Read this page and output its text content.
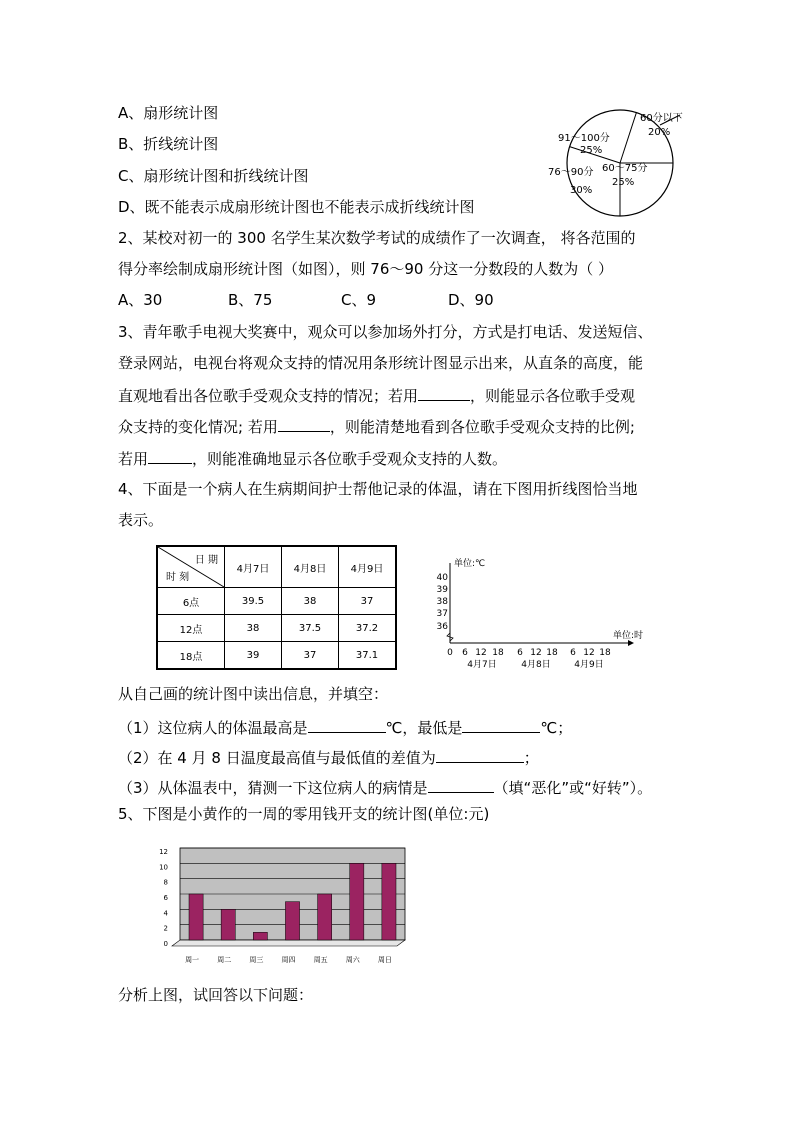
A、扇形统计图
B、折线统计图
C、扇形统计图和折线统计图
D、既不能表示成扇形统计图也不能表示成折线统计图
60分以下
20%
60～75分
25%
76～90分
30%
91～100分
25%
2、某校对初一的 300 名学生某次数学考试的成绩作了一次调查， 将各范围的
得分率绘制成扇形统计图（如图），则 76～90 分这一分数段的人数为（ ）
A、30	B、75	C、9	D、90
3、青年歌手电视大奖赛中，观众可以参加场外打分，方式是打电话、发送短信、
登录网站，电视台将观众支持的情况用条形统计图显示出来，从直条的高度，能
直观地看出各位歌手受观众支持的情况；若用	，则能显示各位歌手受观
众支持的变化情况; 若用	，则能清楚地看到各位歌手受观众支持的比例;
若用	，则能准确地显示各位歌手受观众支持的人数。
4、下面是一个病人在生病期间护士帮他记录的体温，请在下图用折线图恰当地
表示。
日 期
时 刻	4月7日	4月8日	4月9日
6点	39.5	38	37
12点	38	37.5	37.2
18点	39	37	37.1
单位:℃
单位:时
40
39
38
37
36
0 6 12 18 6 12 18 6 12 18
4月7日	4月8日	4月9日
从自己画的统计图中读出信息，并填空：
（1）这位病人的体温最高是	℃，最低是	℃；
（2）在 4 月 8 日温度最高值与最低值的差值为	；
（3）从体温表中，猜测一下这位病人的病情是	（填“恶化”或“好转”）。
5、下图是小黄作的一周的零用钱开支的统计图(单位:元)
0
2
4
6
8
10
12
周一	周二	周三	周四	周五	周六	周日
分析上图，试回答以下问题：
